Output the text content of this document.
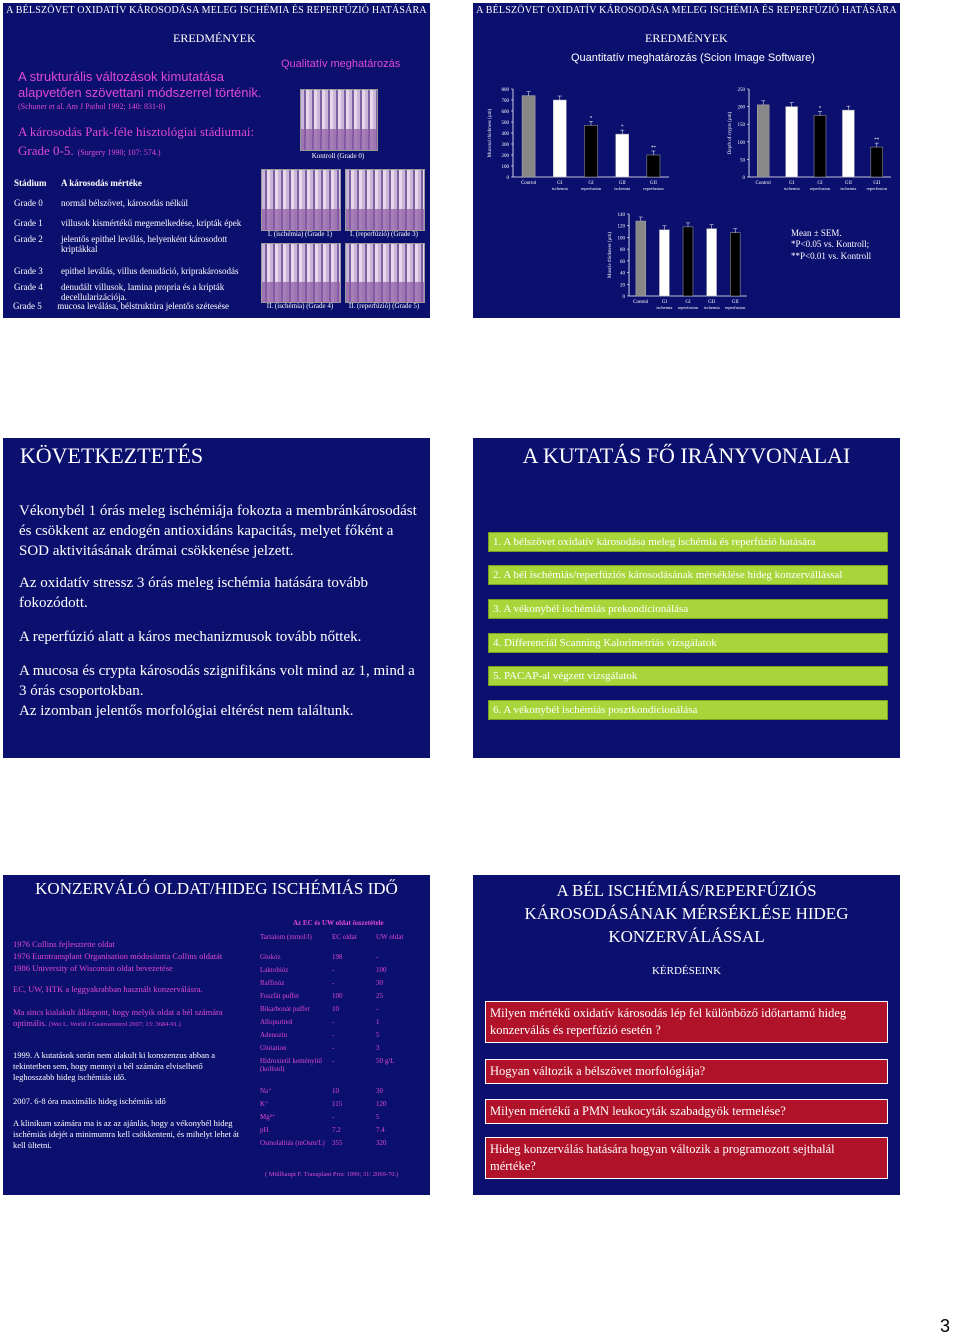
A BÉLSZÖVET OXIDATÍV KÁROSODÁSA MELEG ISCHÉMIA ÉS REPERFÚZIÓ HATÁSÁRA
EREDMÉNYEK
A strukturális változások kimutatása
alapvetően szövettani módszerrel történik.
(Schuner et al. Am J Pathol 1992; 140: 831-8)
A károsodás Park-féle hisztológiai stádiumai:
Grade 0-5. (Surgery 1990; 107: 574.)
Qualitatív meghatározás
Stádium	A károsodás mértéke
Grade 0	normál bélszövet, károsodás nélkül
Grade 1	villusok kismértékű megemelkedése, kripták épek
Grade 2	jelentős epithel leválás, helyenként károsodott kriptákkal
Grade 3	epithel leválás, villus denudáció, kriprakárosodás
Grade 4	denudált villusok, lamina propria és a kripták decellularizációja.
Grade 5 mucosa leválása, bélstruktúra jelentős szétesése
Kontroll (Grade 0)
I. (ischémia) (Grade 1)	I. (reperfúzió) (Grade 3)
II. (ischémia) (Grade 4)	II. (reperfúzió) (Grade 5)
A BÉLSZÖVET OXIDATÍV KÁROSODÁSA MELEG ISCHÉMIA ÉS REPERFÚZIÓ HATÁSÁRA
EREDMÉNYEK
Quantitatív meghatározás (Scion Image Software)
Mucosal thickness (µm)
0
100
200
300
400
500
600
700
800
Control	GI
ischemia
*
GI
reperfusion
*
GII
ischemia
**
GII
reperfusion
Depth of crypts (µm)
0
50
100
150
200
250
Control	GI
ischemia
*
GI
reperfusion
GII
ischemia
**
GII
reperfusion
Muscle thickness (µm)
0
20
40
60
80
100
120
140
Control	GI
ischemia
GI
reperfusion
GII
ischemia
GII
reperfusion
Mean ± SEM.
*P<0.05 vs. Kontroll;
**P<0.01 vs. Kontroll
KÖVETKEZTETÉS

Vékonybél 1 órás meleg ischémiája fokozta a membránkárosodást és csökkent az endogén antioxidáns kapacitás, melyet főként a SOD aktivitásának drámai csökkenése jelzett.

Az oxidatív stressz 3 órás meleg ischémia hatására tovább fokozódott.

A reperfúzió alatt a káros mechanizmusok tovább nőttek.

A mucosa és crypta károsodás szignifikáns volt mind az 1, mind a 3 órás csoportokban.

Az izomban jelentős morfológiai eltérést nem találtunk.

A KUTATÁS FŐ IRÁNYVONALAI
1. A bélszövet oxidatív károsodása meleg ischémia és reperfúzió hatására
2. A bél ischémiás/reperfúziós károsodásának mérséklése hideg konzervállással
3. A vékonybél ischémiás prekondícionálása
4. Differenciál Scanning Kalorimetriás vizsgálatok
5. PACAP-al végzett vizsgálatok
6. A vékonybél ischémiás posztkondícionálása
KONZERVÁLÓ OLDAT/HIDEG ISCHÉMIÁS IDŐ
1976 Collins fejlesztette oldat
1976 Eurotransplant Organisation módosította Collins oldatát
1986 University of Wisconsin oldat bevezetése
EC, UW, HTK a leggyakrabban használt konzerválásra.
Ma sincs kialakult álláspont, hogy melyik oldat a bél számára optimális. (Wei L. World J Gastroenterol 2007; 13: 3684-91.)
1999. A kutatások során nem alakult ki konszenzus abban a tekintetben sem, hogy mennyi a bél számára elviselhető leghosszabb hideg ischémiás idő.
2007. 6-8 óra maximális hideg ischémiás idő
A klinikum számára ma is az az ajánlás, hogy a vékonybél hideg ischémiás idejét a minimumra kell csökkenteni, és mihelyt lehet át kell ültetni.
Az EC és UW oldat összetétele
Tartalom (mmol/l)	EC oldat	UW oldat
Glukóz	198	-
Laktobióz	-	100
Raffinóz	-	30
Foszfát puffer	100	25
Bikarbonát puffer	10	-
Allopurinol	-	1
Adenozin	-	5
Glutation	-	3
Hidroxietil keményítő (kolloid)	-	50 g/L
Na⁺	10	30
K⁺	115	120
Mg²⁺	-	5
pH	7.2	7.4
Osmolalitás (mOsm/L)	355	320
( Müllhaupt F. Transplant Proc 1999; 31: 2069-70.)
A BÉL ISCHÉMIÁS/REPERFÚZIÓS KÁROSODÁSÁNAK MÉRSÉKLÉSE HIDEG KONZERVÁLÁSSAL
KÉRDÉSEINK
Milyen mértékű oxidatív károsodás lép fel különböző időtartamú hideg konzerválás és reperfúzió esetén ?
Hogyan változik a bélszövet morfológiája?
Milyen mértékű a PMN leukocyták szabadgyök termelése?
Hideg konzerválás hatására hogyan változik a programozott sejthalál mértéke?
3
